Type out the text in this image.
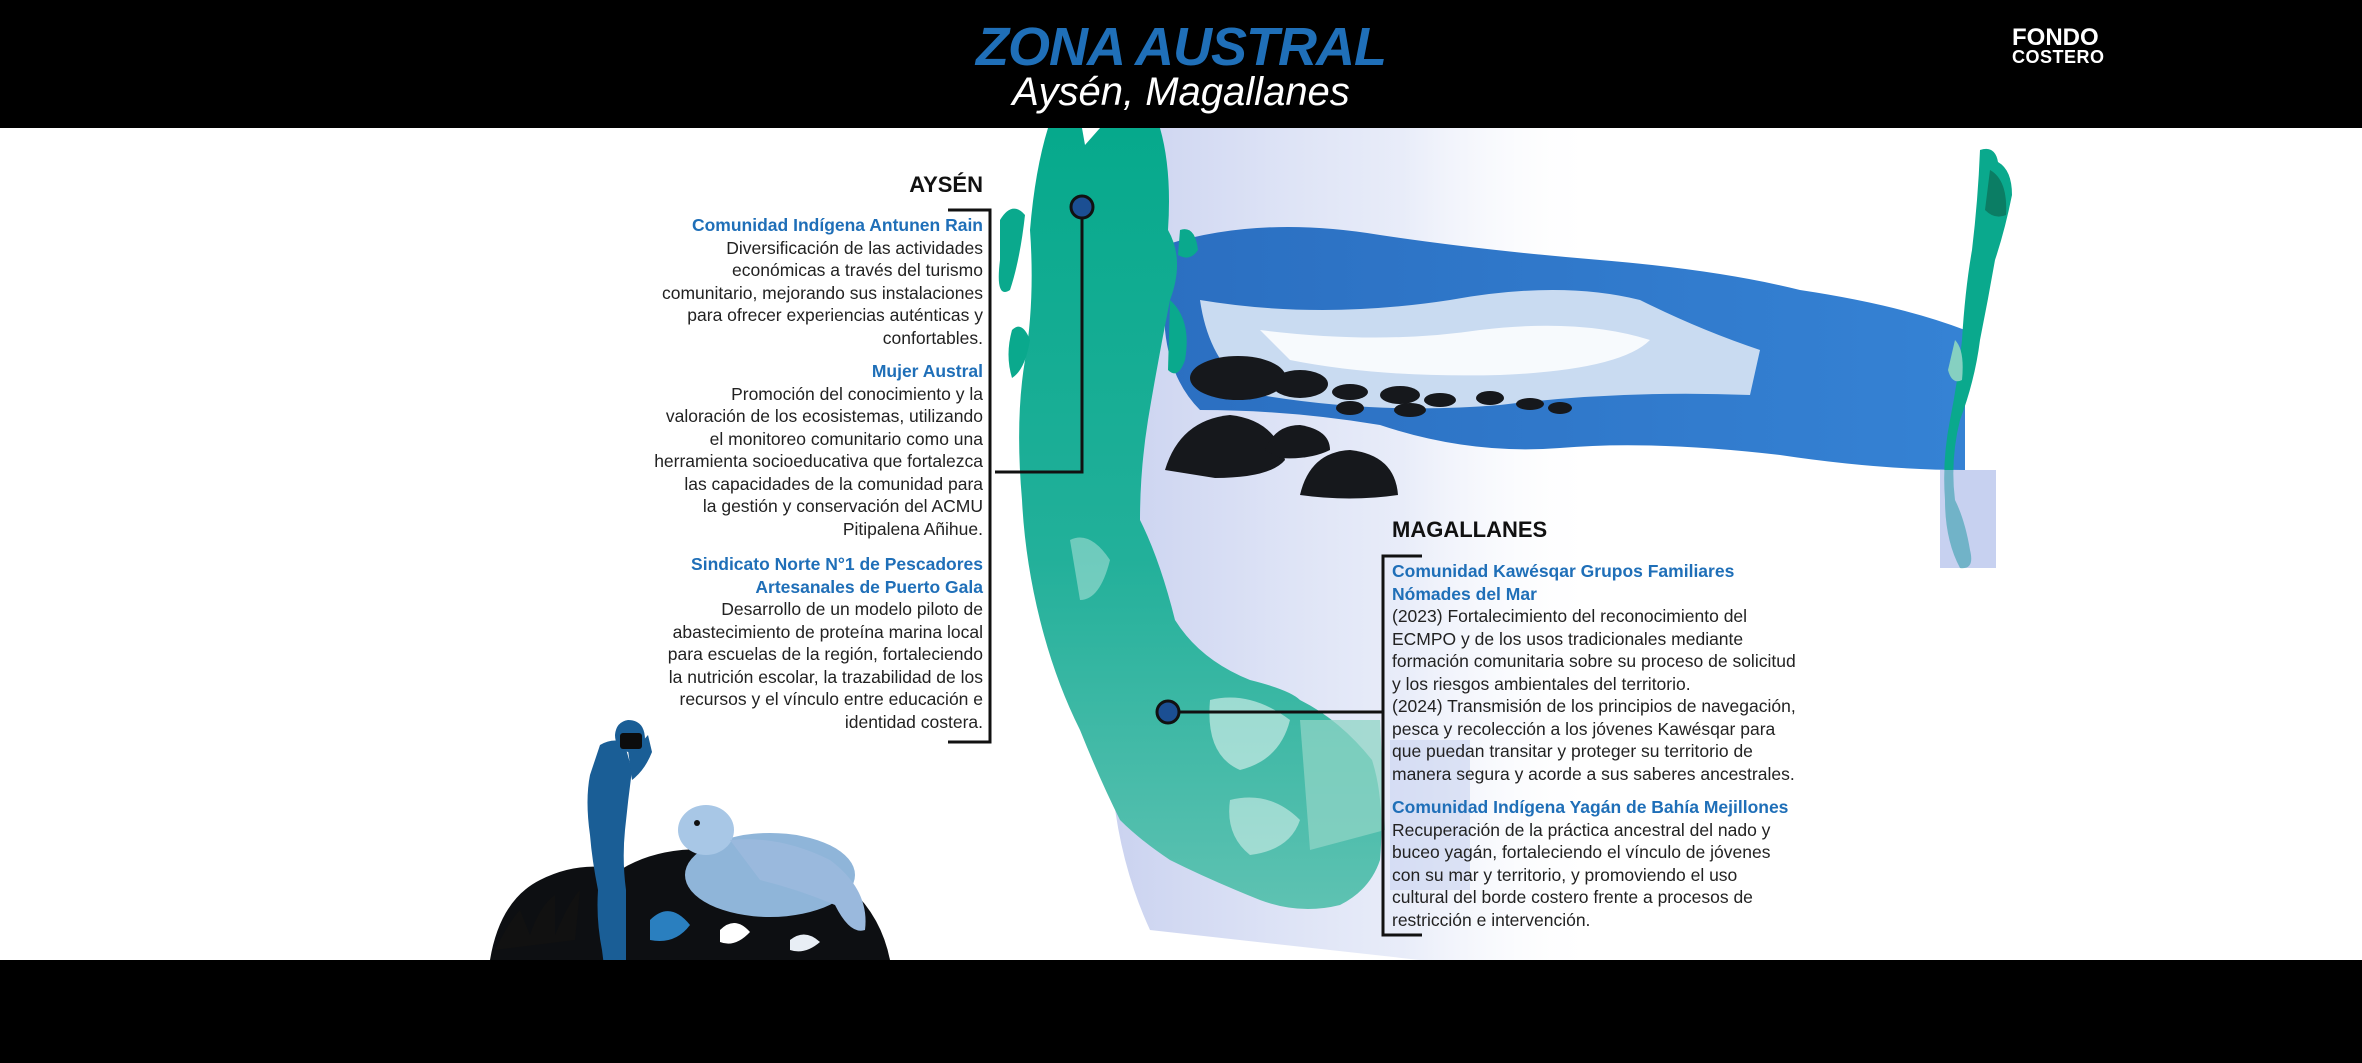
ZONA AUSTRAL
Aysén, Magallanes
FONDO
COSTERO
AYSÉN
Comunidad Indígena Antunen Rain
Diversificación de las actividades
económicas a través del turismo
comunitario, mejorando sus instalaciones
para ofrecer experiencias auténticas y
confortables.
Mujer Austral
Promoción del conocimiento y la
valoración de los ecosistemas, utilizando
el monitoreo comunitario como una
herramienta socioeducativa que fortalezca
las capacidades de la comunidad para
la gestión y conservación del ACMU
Pitipalena Añihue.
Sindicato Norte N°1 de Pescadores
Artesanales de Puerto Gala
Desarrollo de un modelo piloto de
abastecimiento de proteína marina local
para escuelas de la región, fortaleciendo
la nutrición escolar, la trazabilidad de los
recursos y el vínculo entre educación e
identidad costera.
MAGALLANES
Comunidad Kawésqar Grupos Familiares
Nómades del Mar
(2023) Fortalecimiento del reconocimiento del
ECMPO y de los usos tradicionales mediante
formación comunitaria sobre su proceso de solicitud
y los riesgos ambientales del territorio.
(2024) Transmisión de los principios de navegación,
pesca y recolección a los jóvenes Kawésqar para
que puedan transitar y proteger su territorio de
manera segura y acorde a sus saberes ancestrales.
Comunidad Indígena Yagán de Bahía Mejillones
Recuperación de la práctica ancestral del nado y
buceo yagán, fortaleciendo el vínculo de jóvenes
con su mar y territorio, y promoviendo el uso
cultural del borde costero frente a procesos de
restricción e intervención.
